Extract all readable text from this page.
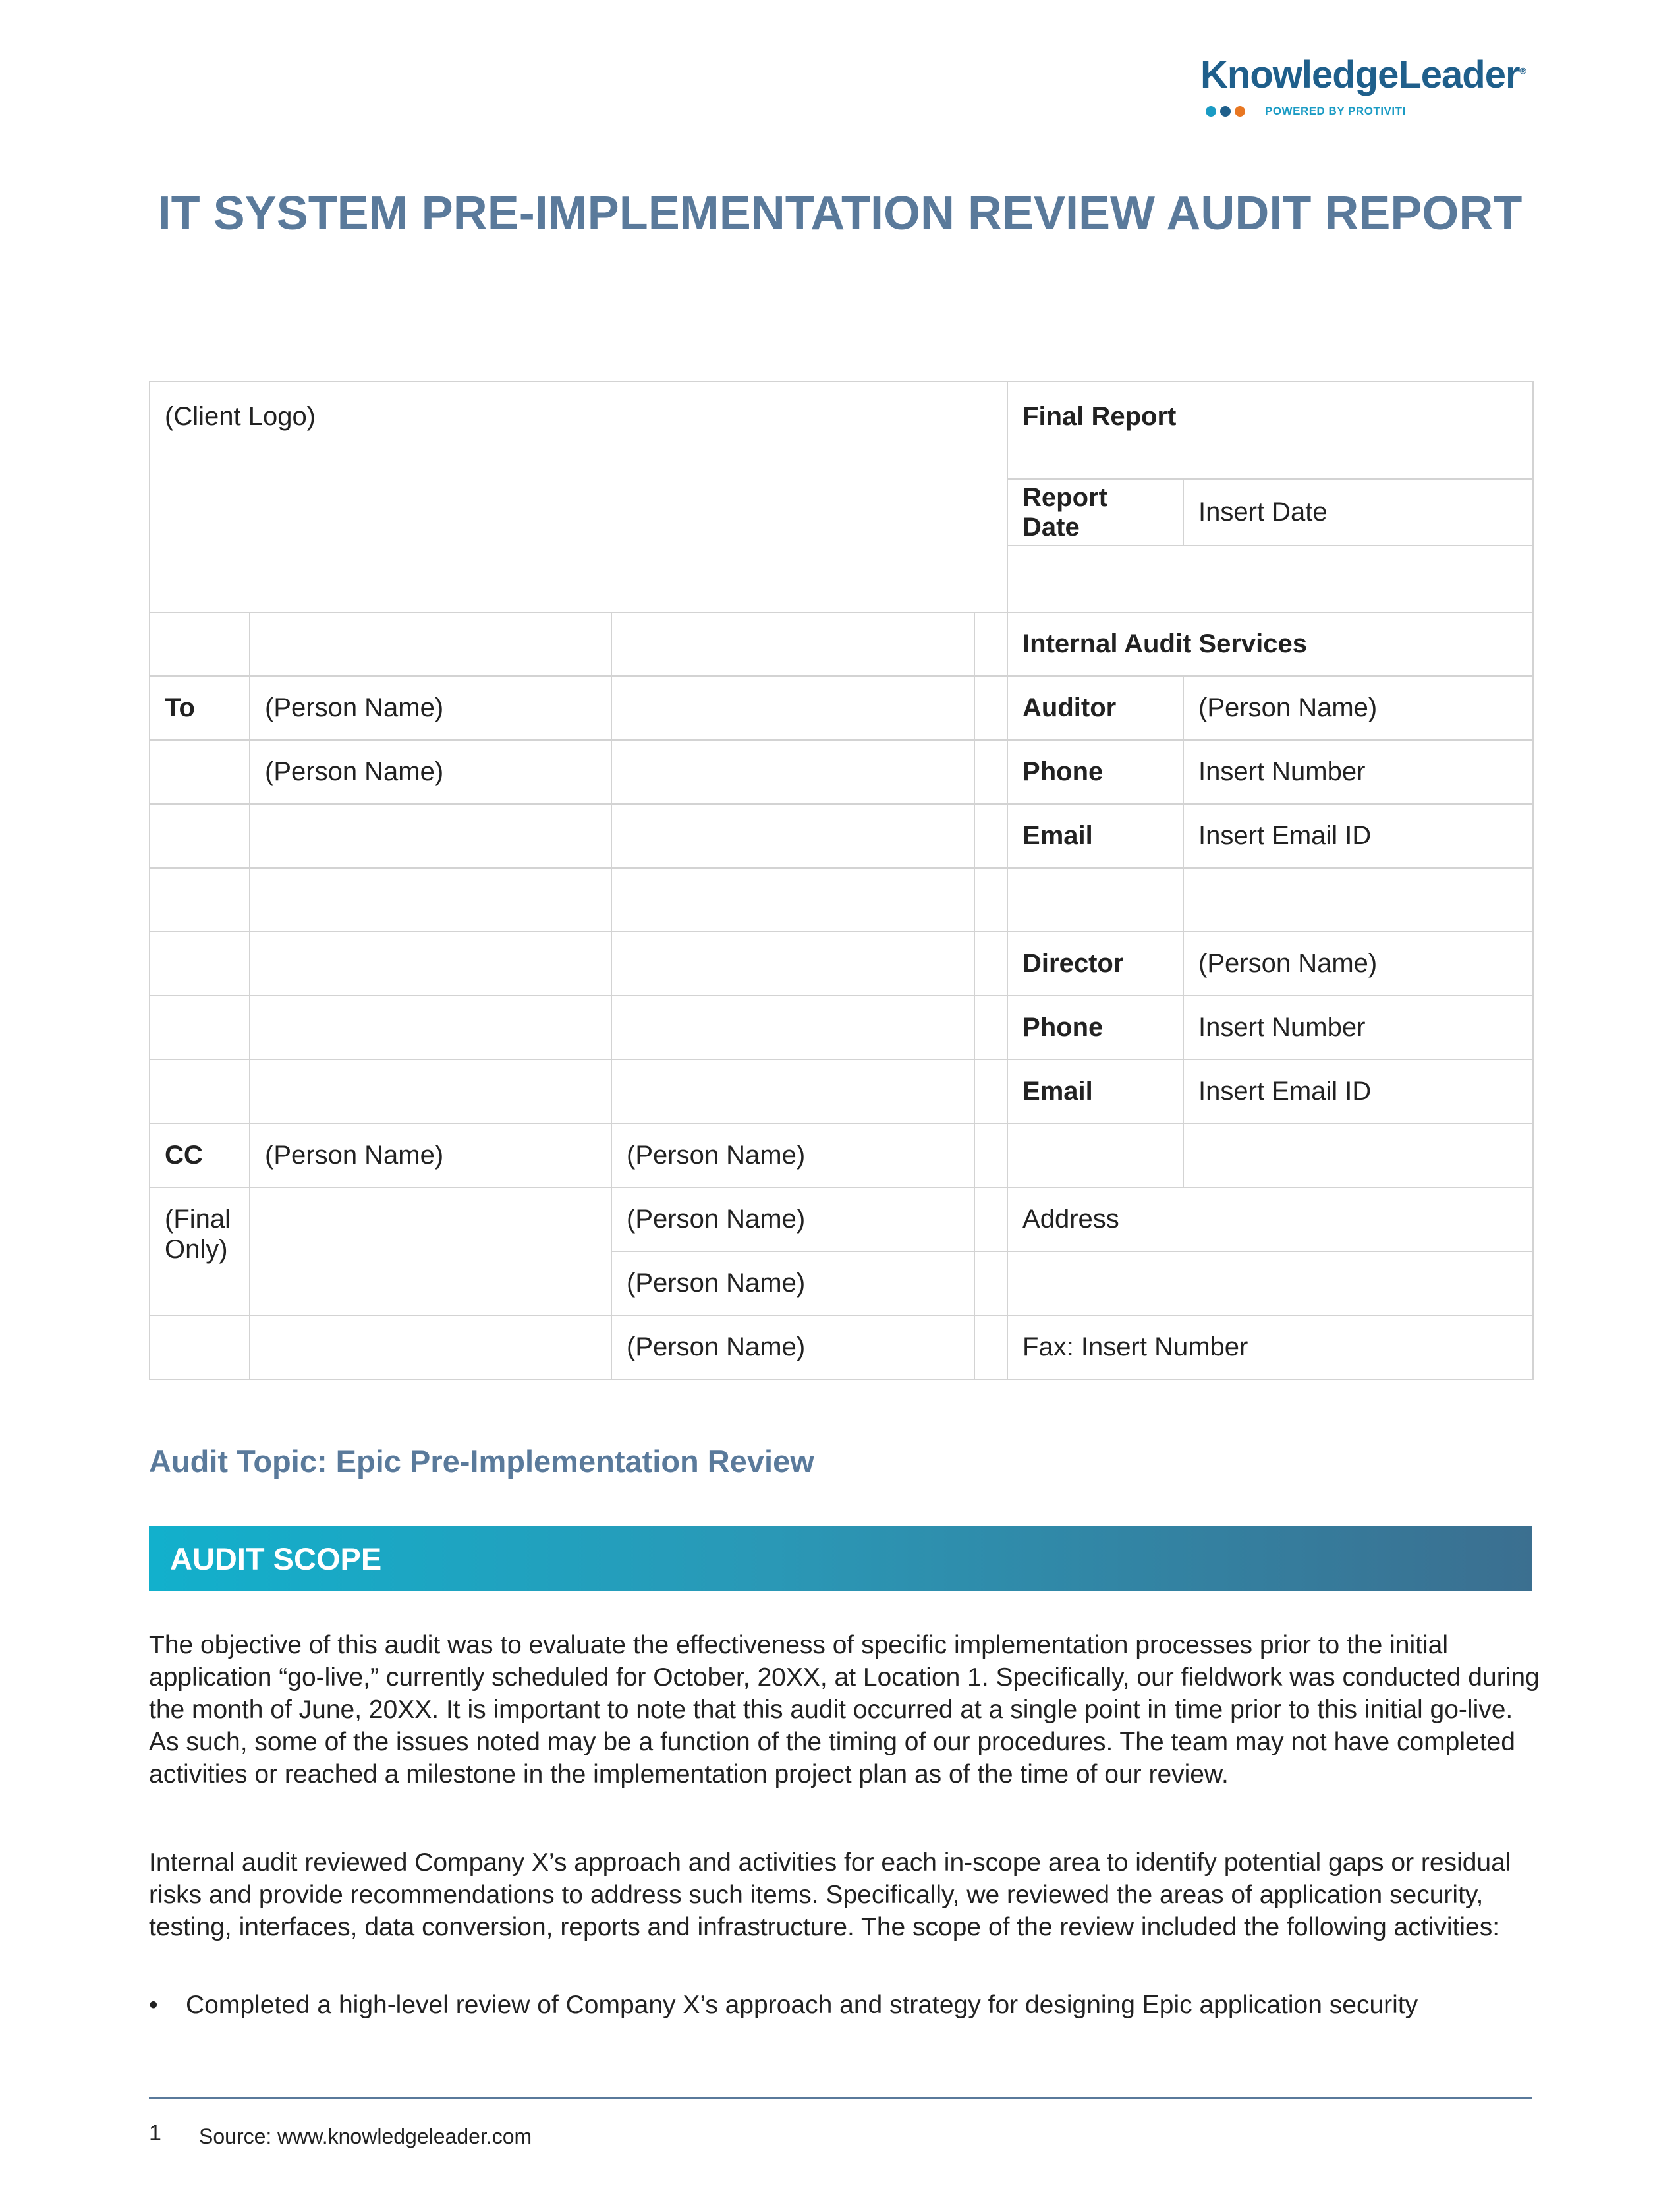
KnowledgeLeader®
POWERED BY PROTIVITI
IT SYSTEM PRE-IMPLEMENTATION REVIEW AUDIT REPORT
(Client Logo)				Final Report	
				Report Date	Insert Date

				Internal Audit Services	
To	(Person Name)			Auditor	(Person Name)
	(Person Name)			Phone	Insert Number
				Email	Insert Email ID

				Director	(Person Name)
				Phone	Insert Number
				Email	Insert Email ID
CC	(Person Name)	(Person Name)			
(Final Only)		(Person Name)		Address	
		(Person Name)			
		(Person Name)		Fax: Insert Number	
Audit Topic: Epic Pre-Implementation Review
AUDIT SCOPE
The objective of this audit was to evaluate the effectiveness of specific implementation processes prior to the initial application “go-live,” currently scheduled for October, 20XX, at Location 1. Specifically, our fieldwork was conducted during the month of June, 20XX. It is important to note that this audit occurred at a single point in time prior to this initial go-live. As such, some of the issues noted may be a function of the timing of our procedures. The team may not have completed activities or reached a milestone in the implementation project plan as of the time of our review.
Internal audit reviewed Company X’s approach and activities for each in-scope area to identify potential gaps or residual risks and provide recommendations to address such items. Specifically, we reviewed the areas of application security, testing, interfaces, data conversion, reports and infrastructure. The scope of the review included the following activities:
• Completed a high-level review of Company X’s approach and strategy for designing Epic application security
1 Source: www.knowledgeleader.com
